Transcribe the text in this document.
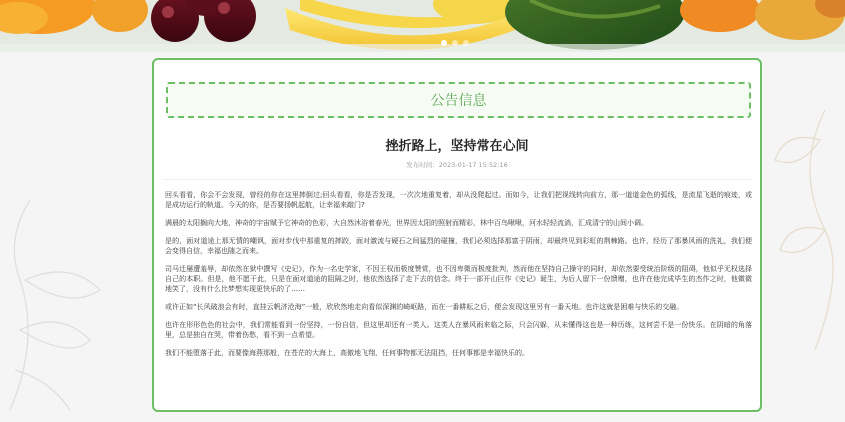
公告信息
挫折路上，坚持常在心间
发布时间：2023-01-17 15:52:16

回头看看，你会不会发现，曾经的你在这里摔倒过;回头看看，你是否发现，一次次地重复着，却从没爬起过。而如今，让我们把视线转向前方，那一道道金色的弧线，是流星飞逝的痕迹，或是成功运行的轨道。今天的你，是否要扬帆起航，让幸福来敲门?

满晨的太阳搁向大地，神奇的宇宙赋予它神奇的色彩，大自然沐浴着春光，世界因太阳的照射而精彩，林中百鸟啾啾，河水轻轻流淌，汇成清宁的山间小调。

是的，面对道途上那无情的嘲讽，面对步伐中那重复的摔跤，面对激流与硬石之间猛烈的碰撞，我们必须选择那富于阴雨，却最终见到彩虹的荆棘路。也许，经历了那暴风雨的洗礼，我们便会变得自信，幸福也随之而来。

司马迁屡遭羞辱，却依然在狱中撰写《史记》，作为一名史学家，不因王权而极度赞赏，也不因卑微而极度批判，然而他在坚持自己操守的同时，却依然要受统治阶级的阻碍，他似乎无权选择自己的本职。但是，他不愿干此，只是在面对道途的阻隔之时，他依然选择了走下去的信念。终于一部开山巨作《史记》诞生，为后人留下一份馈赠，也许在他完成毕生的杰作之时，他微微地笑了，没有什么比梦想实现更快乐的了……

或许正如“长风破浪会有时，直挂云帆济沧海”一般，欣欣然地走向看似深渊的崎岖路，而在一番耕耘之后，便会发现这里另有一番天地。也许这就是困难与快乐的交融。

也许在形形色色的社会中，我们常能看到一份坚持，一份自信，但这里却还有一类人。这类人在暴风雨来临之际，只会闪躲，从未懂得这也是一种历练，这何尝不是一份快乐。在阴暗的角落里，总是独自在哭，带着伤愁，看不到一点希望。

我们不能堕落于此，而要像海燕那般，在苍茫的大海上，高傲地飞翔，任何事物都无法阻挡，任何事都是幸福快乐的。
